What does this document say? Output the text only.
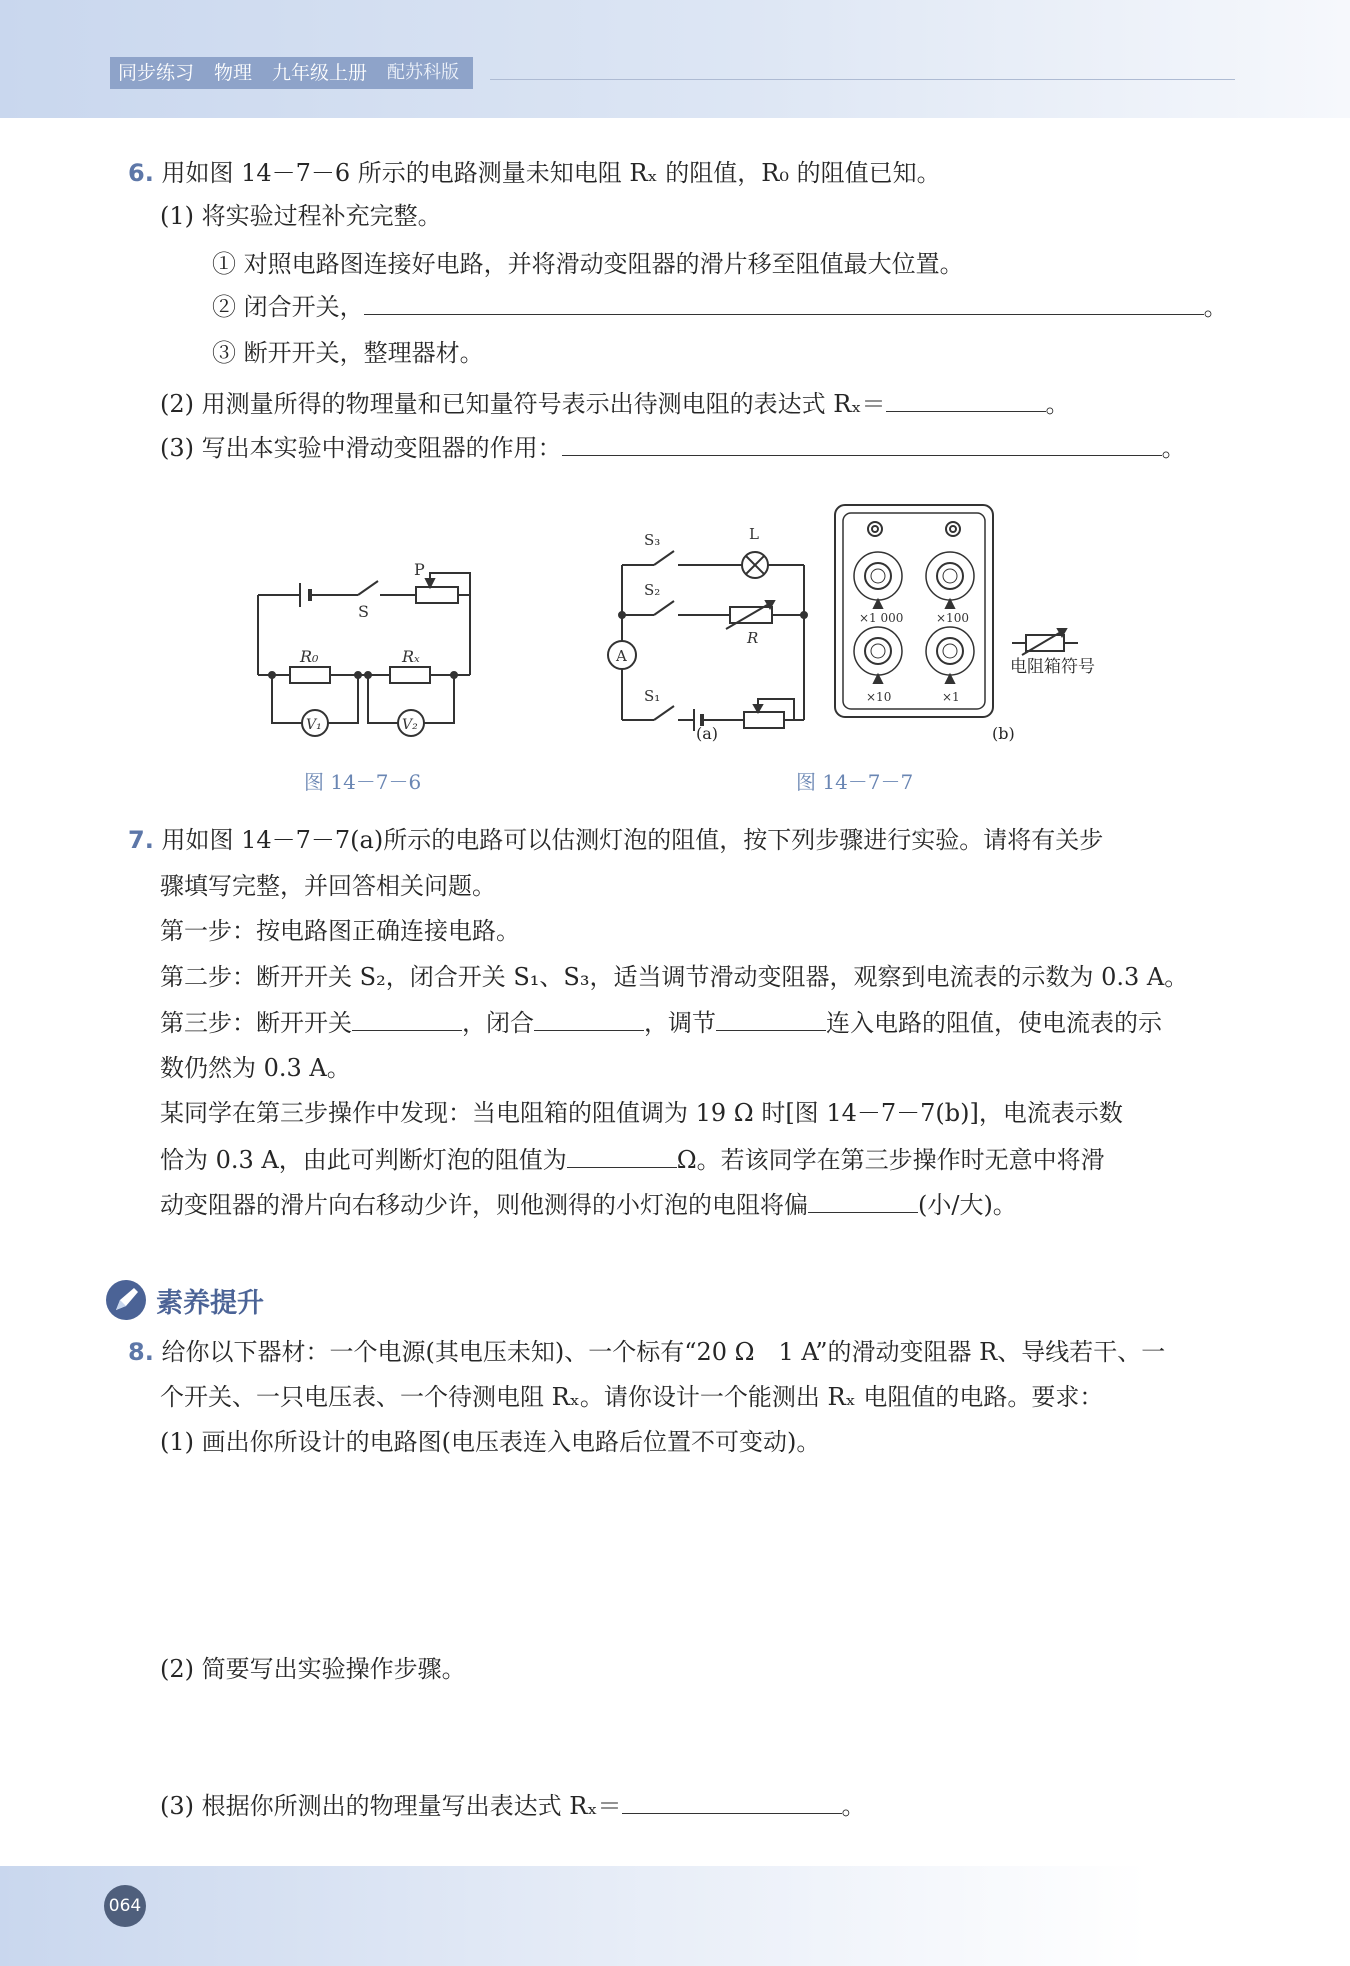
同步练习 物理 九年级上册 配苏科版
6. 用如图 14－7－6 所示的电路测量未知电阻 Rₓ 的阻值，R₀ 的阻值已知。
(1) 将实验过程补充完整。
① 对照电路图连接好电路，并将滑动变阻器的滑片移至阻值最大位置。
② 闭合开关，	。
③ 断开开关，整理器材。
(2) 用测量所得的物理量和已知量符号表示出待测电阻的表达式 Rₓ＝	。
(3) 写出本实验中滑动变阻器的作用：	。
S
P
R₀	Rₓ
V₁	V₂
图 14－7－6
A
S₃	L
S₂
R
S₁
×1 000	×100
×10	×1
电阻箱符号
(a)	(b)
图 14－7－7
7. 用如图 14－7－7(a)所示的电路可以估测灯泡的阻值，按下列步骤进行实验。请将有关步
骤填写完整，并回答相关问题。
第一步：按电路图正确连接电路。
第二步：断开开关 S₂，闭合开关 S₁、S₃，适当调节滑动变阻器，观察到电流表的示数为 0.3 A。
第三步：断开开关	，闭合	，调节	连入电路的阻值，使电流表的示
数仍然为 0.3 A。
某同学在第三步操作中发现：当电阻箱的阻值调为 19 Ω 时[图 14－7－7(b)]，电流表示数
恰为 0.3 A，由此可判断灯泡的阻值为	Ω。若该同学在第三步操作时无意中将滑
动变阻器的滑片向右移动少许，则他测得的小灯泡的电阻将偏	(小/大)。
素养提升
8. 给你以下器材：一个电源(其电压未知)、一个标有“20 Ω　1 A”的滑动变阻器 R、导线若干、一
个开关、一只电压表、一个待测电阻 Rₓ。请你设计一个能测出 Rₓ 电阻值的电路。要求：
(1) 画出你所设计的电路图(电压表连入电路后位置不可变动)。
(2) 简要写出实验操作步骤。
(3) 根据你所测出的物理量写出表达式 Rₓ＝	。
064
